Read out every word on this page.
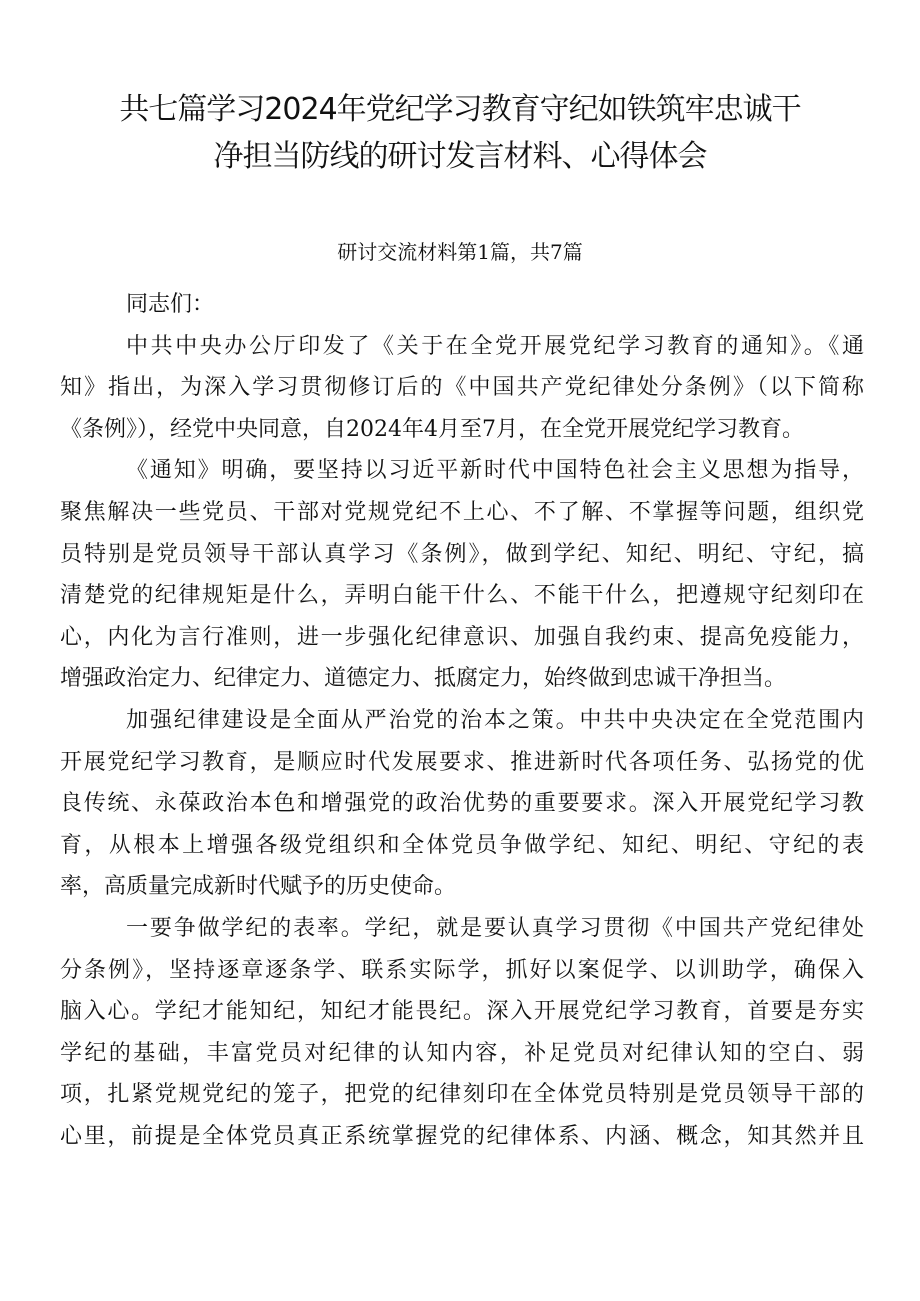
共七篇学习2024年党纪学习教育守纪如铁筑牢忠诚干
净担当防线的研讨发言材料、心得体会
研讨交流材料第1篇，共7篇
同志们：
中共中央办公厅印发了《关于在全党开展党纪学习教育的通知》。《通
知》指出，为深入学习贯彻修订后的《中国共产党纪律处分条例》（以下简称
《条例》），经党中央同意，自2024年4月至7月，在全党开展党纪学习教育。
《通知》明确，要坚持以习近平新时代中国特色社会主义思想为指导，
聚焦解决一些党员、干部对党规党纪不上心、不了解、不掌握等问题，组织党
员特别是党员领导干部认真学习《条例》，做到学纪、知纪、明纪、守纪，搞
清楚党的纪律规矩是什么，弄明白能干什么、不能干什么，把遵规守纪刻印在
心，内化为言行准则，进一步强化纪律意识、加强自我约束、提高免疫能力，
增强政治定力、纪律定力、道德定力、抵腐定力，始终做到忠诚干净担当。
加强纪律建设是全面从严治党的治本之策。中共中央决定在全党范围内
开展党纪学习教育，是顺应时代发展要求、推进新时代各项任务、弘扬党的优
良传统、永葆政治本色和增强党的政治优势的重要要求。深入开展党纪学习教
育，从根本上增强各级党组织和全体党员争做学纪、知纪、明纪、守纪的表
率，高质量完成新时代赋予的历史使命。
一要争做学纪的表率。学纪，就是要认真学习贯彻《中国共产党纪律处
分条例》，坚持逐章逐条学、联系实际学，抓好以案促学、以训助学，确保入
脑入心。学纪才能知纪，知纪才能畏纪。深入开展党纪学习教育，首要是夯实
学纪的基础，丰富党员对纪律的认知内容，补足党员对纪律认知的空白、弱
项，扎紧党规党纪的笼子，把党的纪律刻印在全体党员特别是党员领导干部的
心里，前提是全体党员真正系统掌握党的纪律体系、内涵、概念，知其然并且
